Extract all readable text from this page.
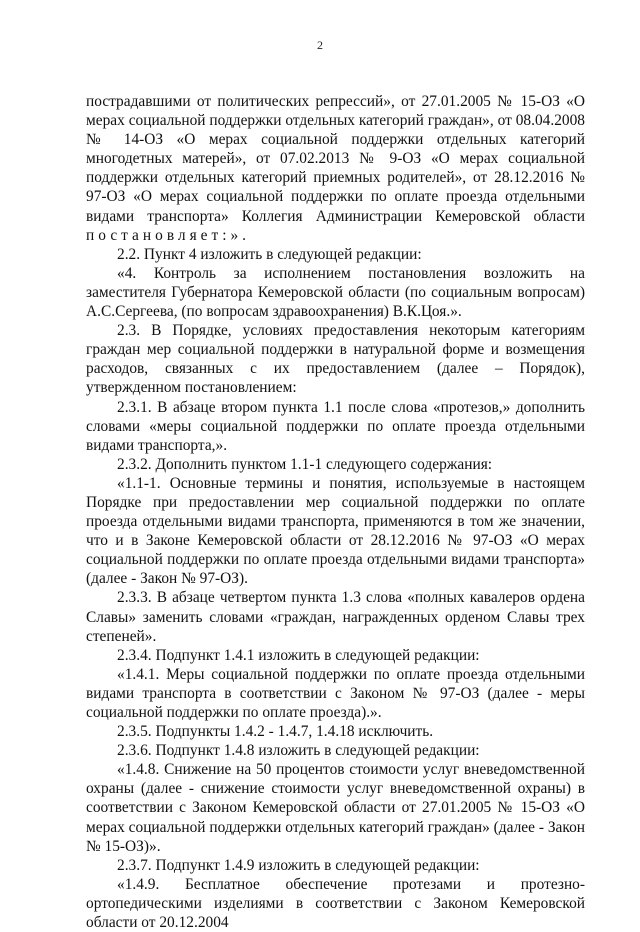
2

пострадавшими от политических репрессий», от 27.01.2005 № 15-ОЗ «О мерах социальной поддержки отдельных категорий граждан», от 08.04.2008 № 14-ОЗ «О мерах социальной поддержки отдельных категорий многодетных матерей», от 07.02.2013 № 9-ОЗ «О мерах социальной поддержки отдельных категорий приемных родителей», от 28.12.2016 № 97-ОЗ «О мерах социальной поддержки по оплате проезда отдельными видами транспорта» Коллегия Администрации Кемеровской области постановляет:».

2.2. Пункт 4 изложить в следующей редакции:

«4. Контроль за исполнением постановления возложить на заместителя Губернатора Кемеровской области (по социальным вопросам) А.С.Сергеева, (по вопросам здравоохранения) В.К.Цоя.».

2.3. В Порядке, условиях предоставления некоторым категориям граждан мер социальной поддержки в натуральной форме и возмещения расходов, связанных с их предоставлением (далее – Порядок), утвержденном постановлением:

2.3.1. В абзаце втором пункта 1.1 после слова «протезов,» дополнить словами «меры социальной поддержки по оплате проезда отдельными видами транспорта,».

2.3.2. Дополнить пунктом 1.1-1 следующего содержания:

«1.1-1. Основные термины и понятия, используемые в настоящем Порядке при предоставлении мер социальной поддержки по оплате проезда отдельными видами транспорта, применяются в том же значении, что и в Законе Кемеровской области от 28.12.2016 № 97-ОЗ «О мерах социальной поддержки по оплате проезда отдельными видами транспорта» (далее - Закон № 97-ОЗ).

2.3.3. В абзаце четвертом пункта 1.3 слова «полных кавалеров ордена Славы» заменить словами «граждан, награжденных орденом Славы трех степеней».

2.3.4. Подпункт 1.4.1 изложить в следующей редакции:

«1.4.1. Меры социальной поддержки по оплате проезда отдельными видами транспорта в соответствии с Законом № 97-ОЗ (далее - меры социальной поддержки по оплате проезда).».

2.3.5. Подпункты 1.4.2 - 1.4.7, 1.4.18 исключить.

2.3.6. Подпункт 1.4.8 изложить в следующей редакции:

«1.4.8. Снижение на 50 процентов стоимости услуг вневедомственной охраны (далее - снижение стоимости услуг вневедомственной охраны) в соответствии с Законом Кемеровской области от 27.01.2005 № 15-ОЗ «О мерах социальной поддержки отдельных категорий граждан» (далее - Закон № 15-ОЗ)».

2.3.7. Подпункт 1.4.9 изложить в следующей редакции:

«1.4.9. Бесплатное обеспечение протезами и протезно-ортопедическими изделиями в соответствии с Законом Кемеровской области от 20.12.2004
